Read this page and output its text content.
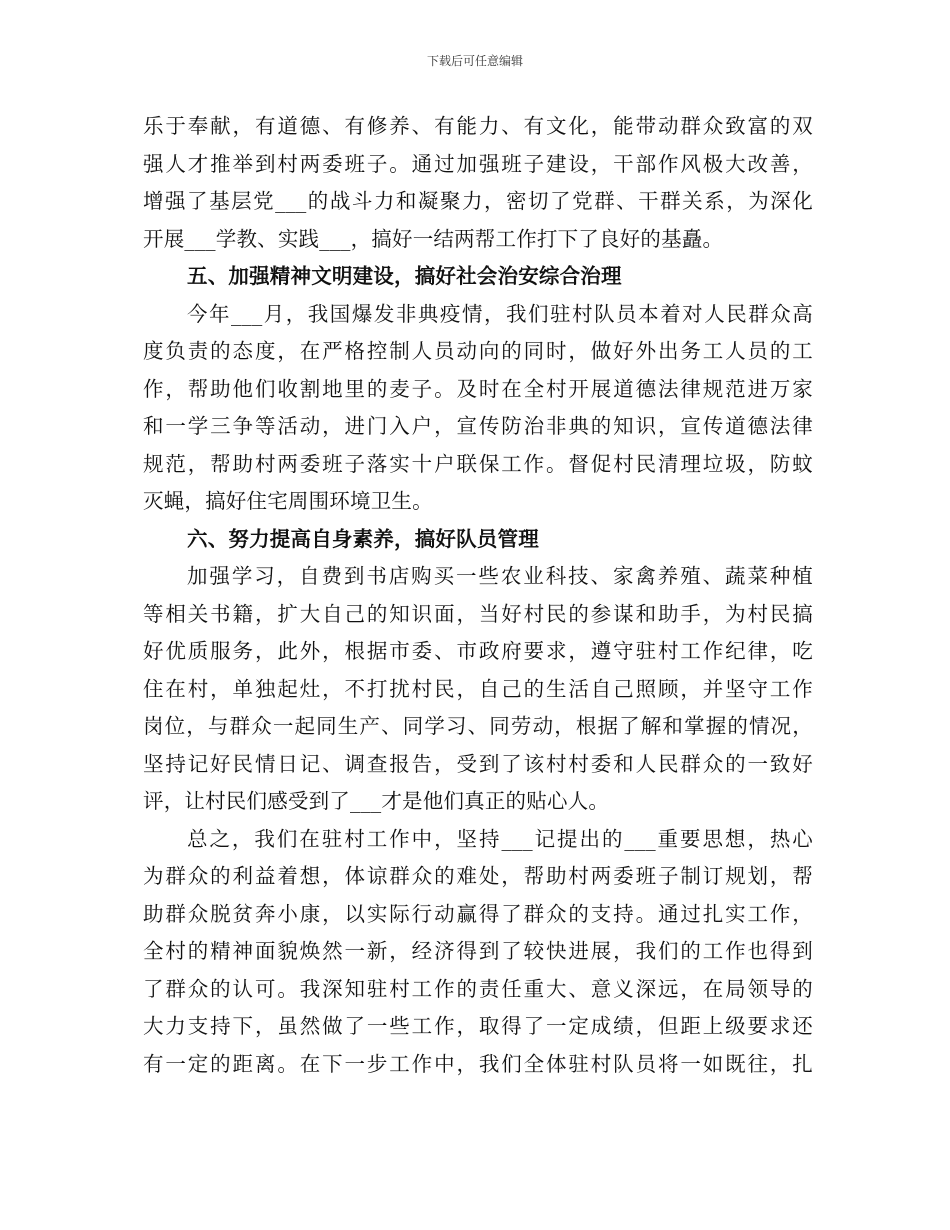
下载后可任意编辑
乐于奉献，有道德、有修养、有能力、有文化，能带动群众致富的双
强人才推举到村两委班子。通过加强班子建设，干部作风极大改善，
增强了基层党___的战斗力和凝聚力，密切了党群、干群关系，为深化
开展___学教、实践___，搞好一结两帮工作打下了良好的基矗。
五、加强精神文明建设，搞好社会治安综合治理
今年___月，我国爆发非典疫情，我们驻村队员本着对人民群众高
度负责的态度，在严格控制人员动向的同时，做好外出务工人员的工
作，帮助他们收割地里的麦子。及时在全村开展道德法律规范进万家
和一学三争等活动，进门入户，宣传防治非典的知识，宣传道德法律
规范，帮助村两委班子落实十户联保工作。督促村民清理垃圾，防蚊
灭蝇，搞好住宅周围环境卫生。
六、努力提高自身素养，搞好队员管理
加强学习，自费到书店购买一些农业科技、家禽养殖、蔬菜种植
等相关书籍，扩大自己的知识面，当好村民的参谋和助手，为村民搞
好优质服务，此外，根据市委、市政府要求，遵守驻村工作纪律，吃
住在村，单独起灶，不打扰村民，自己的生活自己照顾，并坚守工作
岗位，与群众一起同生产、同学习、同劳动，根据了解和掌握的情况，
坚持记好民情日记、调查报告，受到了该村村委和人民群众的一致好
评，让村民们感受到了___才是他们真正的贴心人。
总之，我们在驻村工作中，坚持___记提出的___重要思想，热心
为群众的利益着想，体谅群众的难处，帮助村两委班子制订规划，帮
助群众脱贫奔小康，以实际行动赢得了群众的支持。通过扎实工作，
全村的精神面貌焕然一新，经济得到了较快进展，我们的工作也得到
了群众的认可。我深知驻村工作的责任重大、意义深远，在局领导的
大力支持下，虽然做了一些工作，取得了一定成绩，但距上级要求还
有一定的距离。在下一步工作中，我们全体驻村队员将一如既往，扎
